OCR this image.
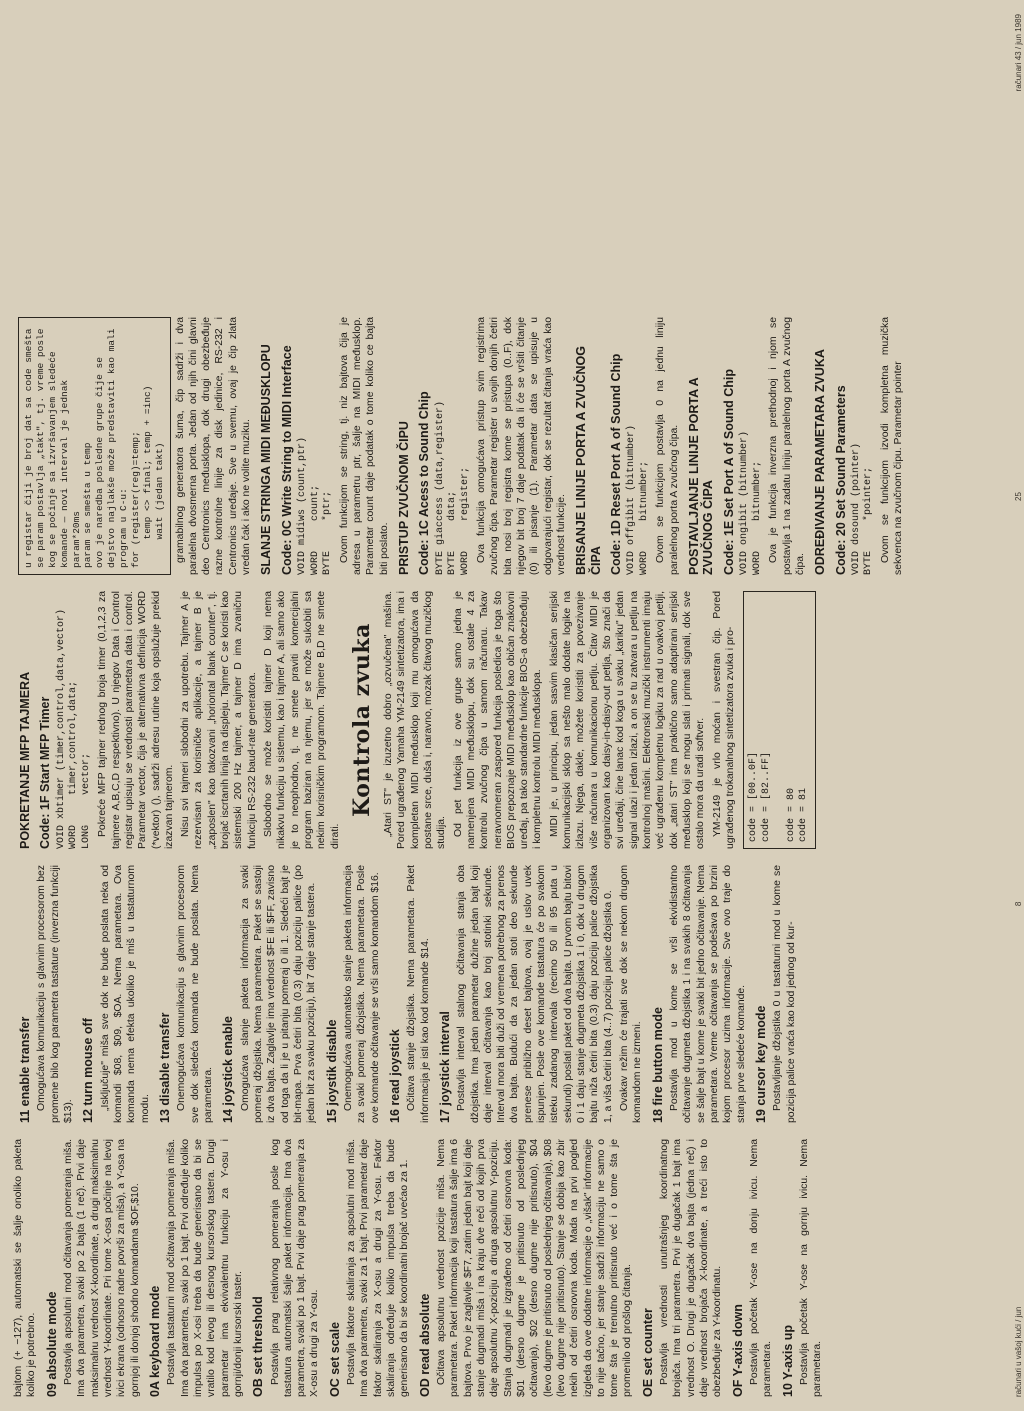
bajtom (+ −127), automatski se šalje onoliko paketa koliko je potrebno. 09 absolute mode Postavlja apsolutni mod očitavanja pomeranja miša. Ima dva parametra, svaki po 2 bajta (1 reč). Prvi daje maksimalnu vrednost X-koordinate, a drugi maksimalnu vrednost Y-koordinate. Pri tome X-osa počinje na levoj ivici ekrana (odnosno radne površi za miša), a Y-osa na gornjoj ili donjoj shodno komandama $OF,$10. 0A keyboard mode Postavlja tastaturni mod očitavanja pomeranja miša. Ima dva parametra, svaki po 1 bajt. Prvi određuje koliko impulsa po X-osi treba da bude generisano da bi se vratilo kod levog ili desnog kursorskog tastera. Drugi parametar ima ekvivalentnu funkciju za Y-osu i gornji/donji kursorski taster. OB set threshold Postavlja prag relativnog pomeranja posle kog tastatura automatski šalje paket informacija. Ima dva parametra, svaki po 1 bajt. Prvi daje prag pomeranja za X-osu a drugi za Y-osu. OC set scale Postavlja faktore skaliranja za apsolutni mod miša. Ima dva parametra, svaki za 1 bajt. Prvi parametar daje faktor skaliranja za X-osu a drugi za Y-osu. Faktor skaliranja određuje koliko impulsa treba da bude generisano da bi se koordinatni brojač uvećao za 1. OD read absolute Očitava apsolutnu vrednost pozicije miša. Nema parametara. Paket informacija koji tastatura šalje ima 6 bajtova. Prvo je zaglavlje $F7, zatim jedan bajt koji daje stanje dugmadi miša i na kraju dve reči od kojih prva daje apsolutnu X-poziciju a druga apsolutnu Y-poziciju. Stanja dugmadi je izgrađeno od četiri osnovna koda: $01 (desno dugme je pritisnuto od poslednjeg očitavanja), $02 (desno dugme nije pritisnuto), $04 (levo dugme je pritisnuto od poslednjeg očitavanja), $08 (levo dugme nije pritisnuto). Stanje se dobija kao zbir nekih od četiri osnovna koda. Mada na prvi pogled izgleda da ove dodatne informacije o „višak" informacije to nije tačno, jer stanje sadrži informaciju ne samo o tome šta je trenutno pritisnuto već i o tome šta je promenilo od prošlog čitanja. OE set counter Postavlja vrednosti unutrašnjeg koordinatnog brojača. Ima tri parametra. Prvi je dugačak 1 bajt ima vrednost O. Drugi je dugačak dva bajta (jedna reč) i daje vrednost brojača X-koordinate, a treći isto to obezbeđuje za Y-koordinatu. OF Y-axis down Postavlja početak Y-ose na donju ivicu. Nema parametara. 10 Y-axis up Postavlja početak Y-ose na gornju ivicu. Nema parametara.

11 enable transfer Omogućava komunikaciju s glavnim procesorom bez promene bilo kog parametra tastature (inverzna funkciji $13). 12 turn mouse off „Isključuje" miša sve dok ne bude poslata neka od komandi $08, $09, $OA. Nema parametara. Ova komanda nema efekta ukoliko je miš u tastaturnom modu. 13 disable transfer Onemogućava komunikaciju s glavnim procesorom sve dok sledeća komanda ne bude poslata. Nema parametara. 14 joystick enable Omogućava slanje paketa informacija za svaki pomeraj džojstika. Nema parametara. Paket se sastoji iz dva bajta. Zaglavlje ima vrednost $FE ili $FF, zavisno od toga da li je u pitanju pomeraj 0 ili 1. Sledeći bajt je bit-mapa. Prva četiri bita (0.3) daju poziciju palice (po jedan bit za svaku poziciju), bit 7 daje stanje tastera. 15 joystik disable Onemogućava automatsko slanje paketa informacija za svaki pomeraj džojstika. Nema parametara. Posle ove komande očitavanje se vrši samo komandom $16. 16 read joystick Očitava stanje džojstika. Nema parametara. Paket informacija je isti kao kod komande $14. 17 joystick interval Postavlja interval stalnog očitavanja stanja oba džojstika. Ima jedan parametar dužine jedan bajt koji daje interval očitavanja kao broj stotinki sekunde. Interval mora biti duži od vremena potrebnog za prenos dva bajta. Budući da za jedan stoti deo sekunde prenese približno deset bajtova, ovaj je uslov uvek ispunjen. Posle ove komande tastatura će po svakom isteku zadanog intervala (recimo 50 ili 95 puta u sekundi) poslati paket od dva bajta. U prvom bajtu bitovi 0 i 1 daju stanje dugmeta džojstika 1 i 0, dok u drugom bajtu niža četiri bita (0.3) daju poziciju palice džojstika 1, a viša četiri bita (4..7) poziciju palice džojstika 0. Ovakav režim će trajati sve dok se nekom drugom komandom ne izmeni. 18 fire button mode Postavlja mod u kome se vrši ekvidistantno očitavanje dugmeta džojstika 1 i na svakih 8 očitavanja se šalje bajt u kome je svaki bit jedno očitavanje. Nema parametara. Vreme očitavanja se podešava po brzini kojom procesor uzima informacije. Sve ovo traje do stanja prve sledeće komande. 19 cursor key mode Postavljanje džojstika 0 u tastaturni mod u kome se pozicija palice vraća kao kod jednog od kur-

POKRETANJE MFP TAJMERA Code: 1F Start MFP Timer VOID xbtimer (timer,control,data,vector)
WORD     timer,control,data;
LONG     vector; Pokreće MFP tajmer rednog broja timer (0,1,2,3 za tajmere A,B,C,D respektivno). U njegov Data i Control registar upisuju se vrednosti parametara data i control. Parametar vector, čija je alternativna definicija WORD (*vektor) (), sadrži adresu rutine koja opslužuje prekid izazvan tajmerom. Nisu svi tajmeri slobodni za upotrebu. Tajmer A je rezervisan za korisničke aplikacije, a tajmer B je „zaposlen" kao takozvani „horiontal blank counter", tj. brojač iscrtanih linija na displeju. Tajmer C se koristi kao sistemski 200 Hz tajmer, a tajmer D ima zvaničnu funkciju RS-232 baud-rate generatora. Slobodno se može koristiti tajmer D koji nema nikakvu funkciju u sistemu, kao i tajmer A, ali samo ako je to neophodno, tj. ne smete praviti komercijalni program baziran na njemu, jer se može sukobiti sa nekim korisničkim programom. Tajmere B,D ne smete dirati.

Kontrola zvuka „Atari ST" je izuzetno dobro „ozvučena" mašina. Pored ugrađenog Yamaha YM-2149 sintetizatora, ima i kompletan MIDI međusklop koji mu omogućava da postane srce, duša i, naravno, mozak čitavog muzičkog studija. Od pet funkcija iz ove grupe samo jedna je namenjena MIDI međusklopu, dok su ostale 4 za kontrolu zvučnog čipa u samom računaru. Takav neravnomeran zaspored funkcija posledica je toga što BIOS prepoznaje MIDI međusklop kao običan znakovni uređaj, pa tako standardne funkcije BIOS-a obezbeđuju i kompletnu kontrolu MIDI međusklopa. MIDI je, u principu, jedan sasvim klasičan serijski komunikacijski sklop sa nešto malo dodate logike na izlazu. Njega, dakle, možete koristiti za povezivanje više računara u komunikacionu petlju. Čitav MIDI je organizovan kao daisy-in-daisy-out petlja, što znači da svi uređaji, čine lanac kod koga u svaku „kariku" jedan signal ulazi i jedan izlazi, a on se tu zatvara u petlju na kontrolnoj mašini. Elektronski muzički instrumenti imaju već ugrađenu kompletnu logiku za rad u ovakvoj petlji, dok „atari ST" ima praktično samo adaptirani serijski međusklop koji se mogu slati i primati signali, dok sve ostalo mora da uradi softver. YM-2149 je vrlo moćan i svestran čip. Pored ugrađenog trokanalnog sintetizatora zvuka i pro-	code = [00..0F]
code = [82..FF]

code = 80
code = 81
u registar čiji je broj dat sa code smešta se param postavlja „takt", tj. vreme posle kog se počinje sa izvršavanjem sledeće komande — novi interval je jednak param*20ms
param se smešta u temp
ovo je naredba posledne grupe čije se dejstvo najlakše može predstaviti kao mali program u C-u:
for (register(reg)=temp;
temp <> final; temp + =inc)
wait (jedan takt) gramabilnog generatora šuma, čip sadrži i dva paralelna dvosmerna porta. Jedan od njih čini glavni deo Centronics međusklopa, dok drugi obezbeđuje razne kontrolne linije za disk jedinice, RS-232 i Centronics uređaje. Sve u svemu, ovaj je čip zlata vredan čak i ako ne volite muziku. SLANJE STRINGA MIDI MEĐUSKLOPU Code: 0C Write String to MIDI Interface VOID midiws (count,ptr)
WORD     count;
BYTE     *ptr; Ovom funkcijom se string, tj. niz bajtova čija je adresa u parametru ptr, šalje na MIDI međusklop. Parametar count daje podatak o tome koliko ce bajta biti poslato. PRISTUP ZVUČNOM ČIPU Code: 1C Acess to Sound Chip BYTE giaccess (data,register)
BYTE     data;
WORD     register; Ova funkcija omogućava pristup svim registrima zvučnog čipa. Parametar register u svojih donjih četiri bita nosi broj registra kome se pristupa (0..F), dok njegov bit broj 7 daje podatak da li će se vršiti čitanje (0) ili pisanje (1). Parametar data se upisuje u odgovarajući registar, dok se rezultat čitanja vraća kao vrednost funkcije. BRISANJE LINIJE PORTA A ZVUČNOG ČIPA Code: 1D Reset Port A of Sound Chip VOID offgibit (bitnumber)
WORD     bitnumber; Ovom se funkcijom postavlja 0 na jednu liniju paralelnog porta A zvučnog čipa. POSTAVLJANJE LINIJE PORTA A ZVUČNOG ČIPA Code: 1E Set Port A of Sound Chip VOID ongibit (bitnumber)
WORD     bitnumber; Ova je funkcija inverzna prethodnoj i njom se postavlja 1 na zadatu liniju paralelnog porta A zvučnog čipa. ODREĐIVANJE PARAMETARA ZVUKA Code: 20 Set Sound Parameters VOID dosound (pointer)
BYTE     *pointer; Ovom se funkcijom izvodi kompletna muzička sekvenca na zvučnom čipu. Parametar pointer

računari u vašoj kući / jun
8
25
računari 43 / jun 1989
